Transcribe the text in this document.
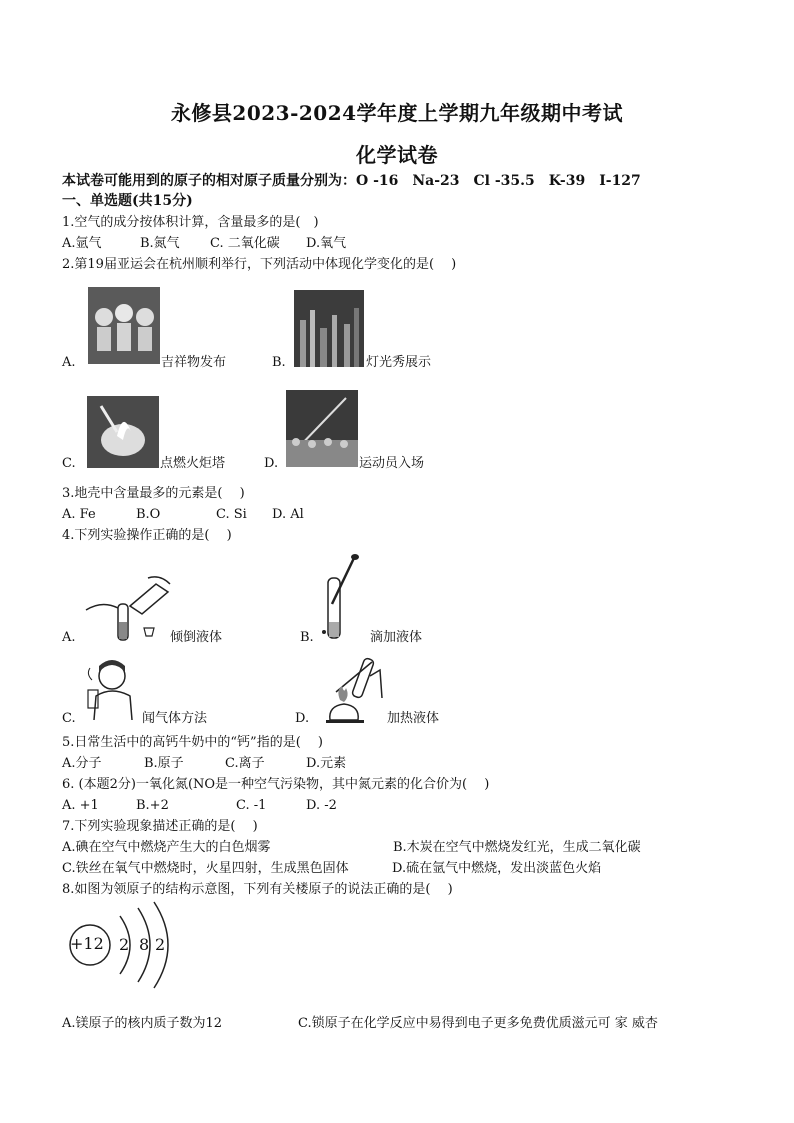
永修县2023-2024学年度上学期九年级期中考试
化学试卷
本试卷可能用到的原子的相对原子质量分别为：O -16　Na-23　Cl -35.5　K-39　I-127
一、单选题(共15分)
1.空气的成分按体积计算，含量最多的是(　)
A.氩气	B.氮气 C. 二氧化碳 D.氧气
2.第19届亚运会在杭州顺利举行，下列活动中体现化学变化的是(　 )
A.	吉祥物发布	B.	灯光秀展示
C.	点燃火炬塔	D.	运动员入场
3.地壳中含量最多的元素是(　 )
A. Fe	B.O	C. Si D. Al
4.下列实验操作正确的是(　 )
A.	倾倒液体	B.	滴加液体
C.	闻气体方法	D.	加热液体
5.日常生活中的高钙牛奶中的“钙”指的是(　 )
A.分子	B.原子	C.离子	D.元素
6. (本题2分)一氧化氮(NO是一种空气污染物，其中氮元素的化合价为(　 )
A. +1	B.+2	C. -1	D. -2
7.下列实验现象描述正确的是(　 )
A.碘在空气中燃烧产生大的白色烟雾	B.木炭在空气中燃烧发红光，生成二氧化碳
C.铁丝在氧气中燃烧时，火星四射，生成黑色固体	D.硫在氩气中燃烧，发出淡蓝色火焰
8.如图为领原子的结构示意图，下列有关楼原子的说法正确的是(　 )
+12 2 8 2
A.镁原子的核内质子数为12	C.锁原子在化学反应中易得到电子更多免费优质滋元可 家 威杏
